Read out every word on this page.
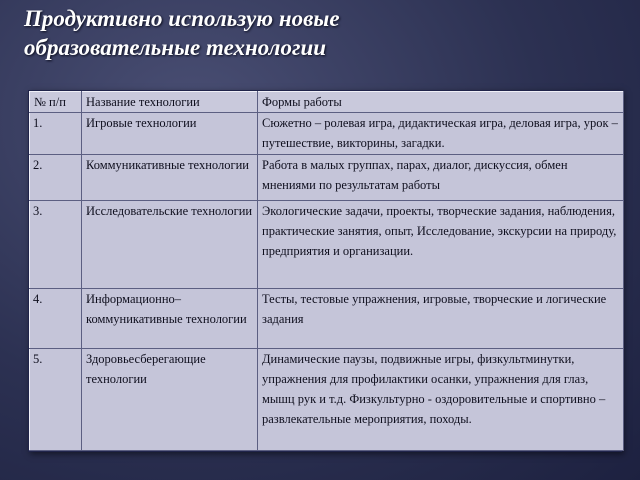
Продуктивно использую новые
образовательные технологии
№ п/п	Название технологии	Формы работы
1.	Игровые технологии	Сюжетно – ролевая игра, дидактическая игра, деловая игра, урок – путешествие, викторины, загадки.
2.	Коммуникативные технологии	Работа в малых группах, парах, диалог, дискуссия, обмен мнениями по результатам работы
3.	Исследовательские технологии	Экологические задачи, проекты, творческие задания, наблюдения, практические занятия, опыт, Исследование, экскурсии на природу, предприятия и организации.
4.	Информационно– коммуникативные технологии	Тесты, тестовые упражнения, игровые, творческие и логические задания
5.	Здоровьесберегающие технологии	Динамические паузы, подвижные игры, физкультминутки, упражнения для профилактики осанки, упражнения для глаз, мышц рук и т.д. Физкультурно - оздоровительные и спортивно – развлекательные мероприятия, походы.
